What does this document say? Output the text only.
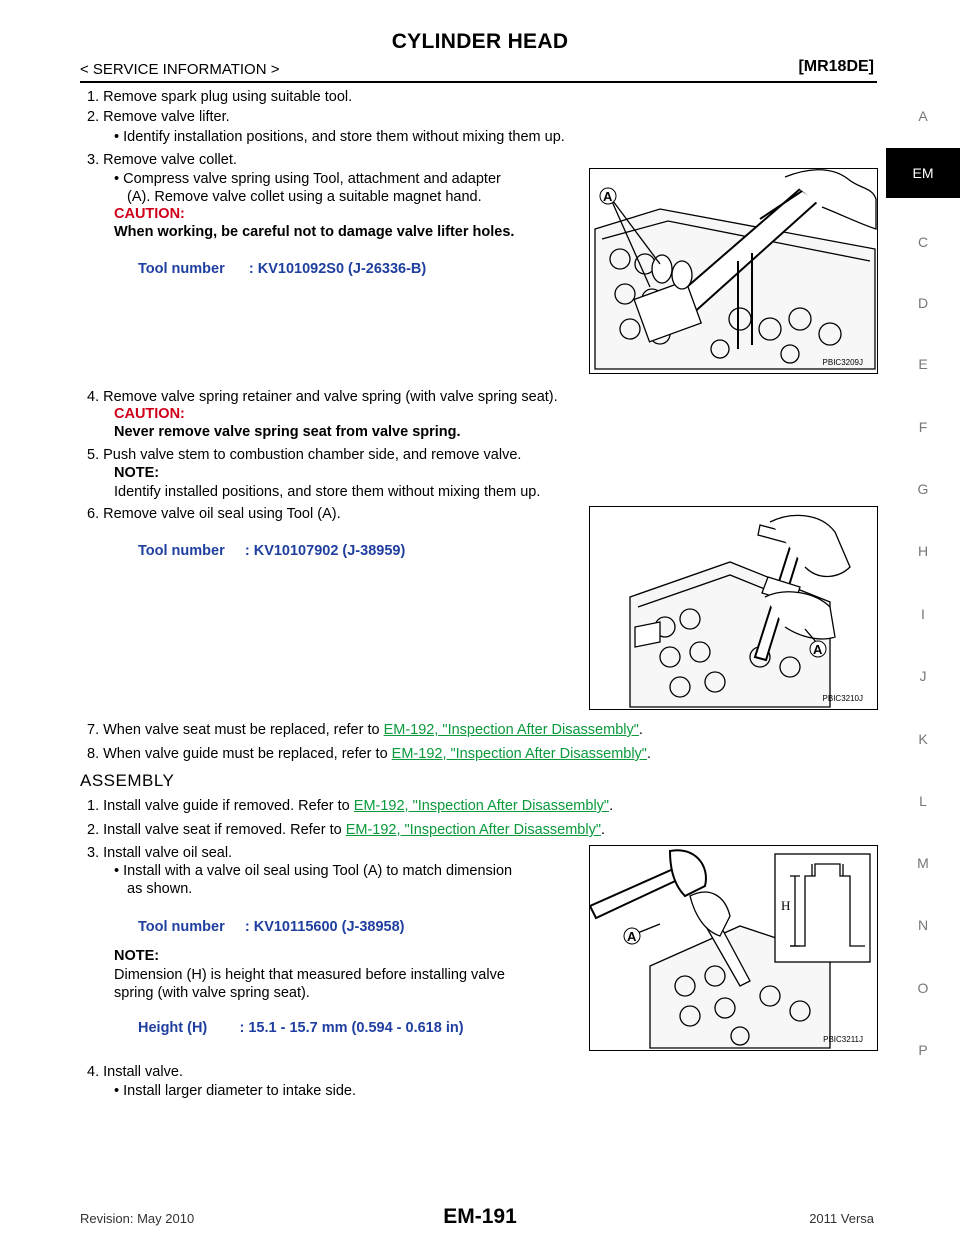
CYLINDER HEAD
< SERVICE INFORMATION >	[MR18DE]
A
EM
C
D
E
F
G
H
I
J
K
L
M
N
O
P
1. Remove spark plug using suitable tool.
2. Remove valve lifter.
• Identify installation positions, and store them without mixing them up.
3. Remove valve collet.
• Compress valve spring using Tool, attachment and adapter
(A). Remove valve collet using a suitable magnet hand.
CAUTION:
When working, be careful not to damage valve lifter holes.
Tool number      : KV101092S0 (J-26336-B)
A
PBIC3209J
4. Remove valve spring retainer and valve spring (with valve spring seat).
CAUTION:
Never remove valve spring seat from valve spring.
5. Push valve stem to combustion chamber side, and remove valve.
NOTE:
Identify installed positions, and store them without mixing them up.
6. Remove valve oil seal using Tool (A).
Tool number     : KV10107902 (J-38959)
A
PBIC3210J
7. When valve seat must be replaced, refer to EM-192, "Inspection After Disassembly".
8. When valve guide must be replaced, refer to EM-192, "Inspection After Disassembly".
ASSEMBLY
1. Install valve guide if removed. Refer to EM-192, "Inspection After Disassembly".
2. Install valve seat if removed. Refer to EM-192, "Inspection After Disassembly".
3. Install valve oil seal.
• Install with a valve oil seal using Tool (A) to match dimension
as shown.
Tool number     : KV10115600 (J-38958)
NOTE:
Dimension (H) is height that measured before installing valve
spring (with valve spring seat).
Height (H)        : 15.1 - 15.7 mm (0.594 - 0.618 in)
H
A
PBIC3211J
4. Install valve.
• Install larger diameter to intake side.
Revision: May 2010	EM-191	2011 Versa
